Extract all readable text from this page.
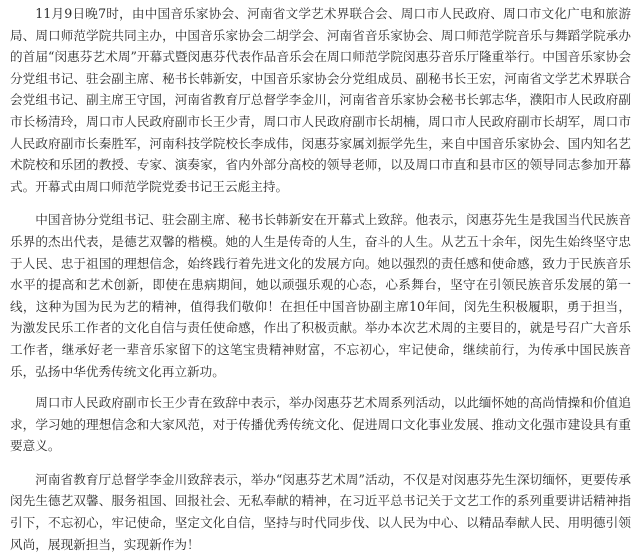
11月9日晚7时，由中国音乐家协会、河南省文学艺术界联合会、周口市人民政府、周口市文化广电和旅游局、周口师范学院共同主办，中国音乐家协会二胡学会、河南省音乐家协会、周口师范学院音乐与舞蹈学院承办的首届“闵惠芬艺术周”开幕式暨闵惠芬代表作品音乐会在周口师范学院闵惠芬音乐厅隆重举行。中国音乐家协会分党组书记、驻会副主席、秘书长韩新安，中国音乐家协会分党组成员、副秘书长王宏，河南省文学艺术界联合会党组书记、副主席王守国，河南省教育厅总督学李金川，河南省音乐家协会秘书长郭志华，濮阳市人民政府副市长杨清玲，周口市人民政府副市长王少青，周口市人民政府副市长胡楠，周口市人民政府副市长胡军，周口市人民政府副市长秦胜军，河南科技学院校长李成伟，闵惠芬家属刘振学先生，来自中国音乐家协会、国内知名艺术院校和乐团的教授、专家、演奏家，省内外部分高校的领导老师，以及周口市直和县市区的领导同志参加开幕式。开幕式由周口师范学院党委书记王云彪主持。

中国音协分党组书记、驻会副主席、秘书长韩新安在开幕式上致辞。他表示，闵惠芬先生是我国当代民族音乐界的杰出代表，是德艺双馨的楷模。她的人生是传奇的人生，奋斗的人生。从艺五十余年，闵先生始终坚守忠于人民、忠于祖国的理想信念，始终践行着先进文化的发展方向。她以强烈的责任感和使命感，致力于民族音乐水平的提高和艺术创新，即使在患病期间，她以顽强乐观的心态，心系舞台，坚守在引领民族音乐发展的第一线，这种为国为民为艺的精神，值得我们敬仰！在担任中国音协副主席10年间，闵先生积极履职，勇于担当，为激发民乐工作者的文化自信与责任使命感，作出了积极贡献。举办本次艺术周的主要目的，就是号召广大音乐工作者，继承好老一辈音乐家留下的这笔宝贵精神财富，不忘初心，牢记使命，继续前行，为传承中国民族音乐，弘扬中华优秀传统文化再立新功。

周口市人民政府副市长王少青在致辞中表示，举办闵惠芬艺术周系列活动，以此缅怀她的高尚情操和价值追求，学习她的理想信念和大家风范，对于传播优秀传统文化、促进周口文化事业发展、推动文化强市建设具有重要意义。

河南省教育厅总督学李金川致辞表示，举办“闵惠芬艺术周”活动，不仅是对闵惠芬先生深切缅怀，更要传承闵先生德艺双馨、服务祖国、回报社会、无私奉献的精神，在习近平总书记关于文艺工作的系列重要讲话精神指引下，不忘初心，牢记使命，坚定文化自信，坚持与时代同步伐、以人民为中心、以精品奉献人民、用明德引领风尚，展现新担当，实现新作为！
